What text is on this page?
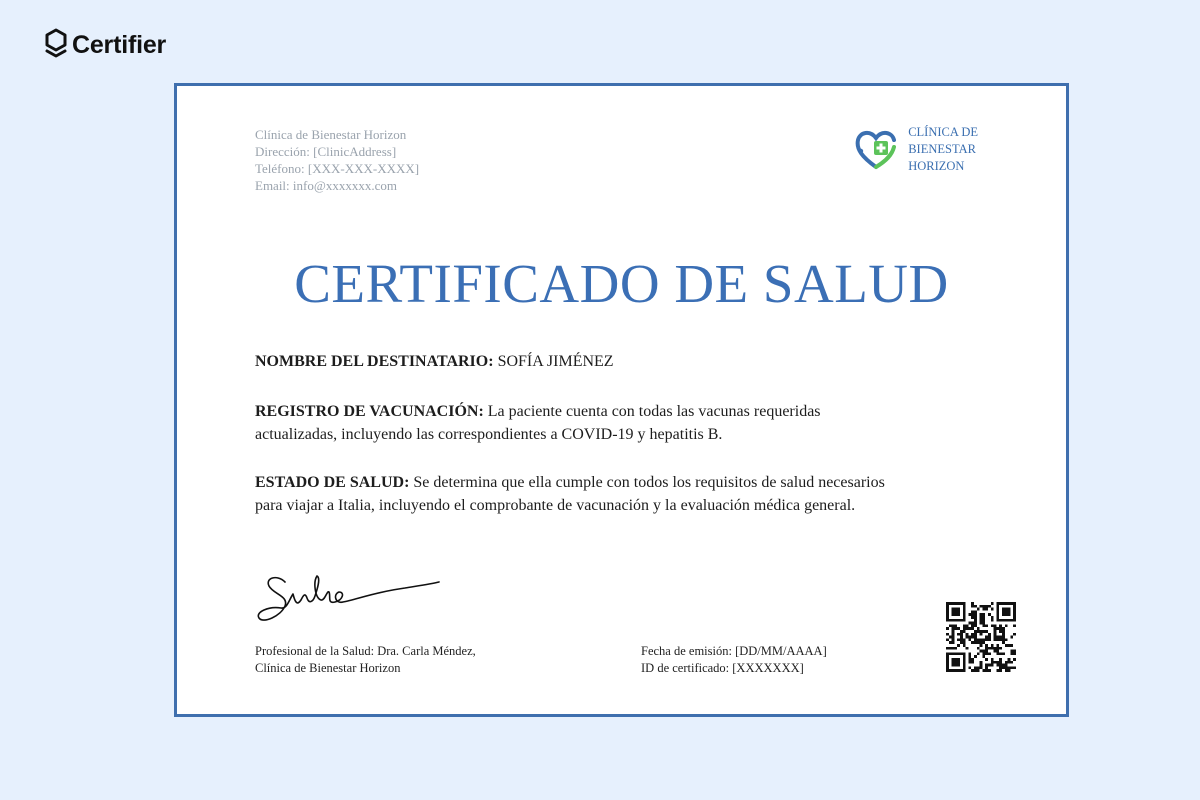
Certifier
Clínica de Bienestar Horizon
Dirección: [ClinicAddress]
Teléfono: [XXX-XXX-XXXX]
Email: info@xxxxxxx.com
CLÍNICA DE
BIENESTAR
HORIZON
CERTIFICADO DE SALUD
NOMBRE DEL DESTINATARIO: SOFÍA JIMÉNEZ
REGISTRO DE VACUNACIÓN: La paciente cuenta con todas las vacunas requeridas actualizadas, incluyendo las correspondientes a COVID-19 y hepatitis B.
ESTADO DE SALUD: Se determina que ella cumple con todos los requisitos de salud necesarios para viajar a Italia, incluyendo el comprobante de vacunación y la evaluación médica general.
Profesional de la Salud: Dra. Carla Méndez,
Clínica de Bienestar Horizon
Fecha de emisión: [DD/MM/AAAA]
ID de certificado: [XXXXXXX]
